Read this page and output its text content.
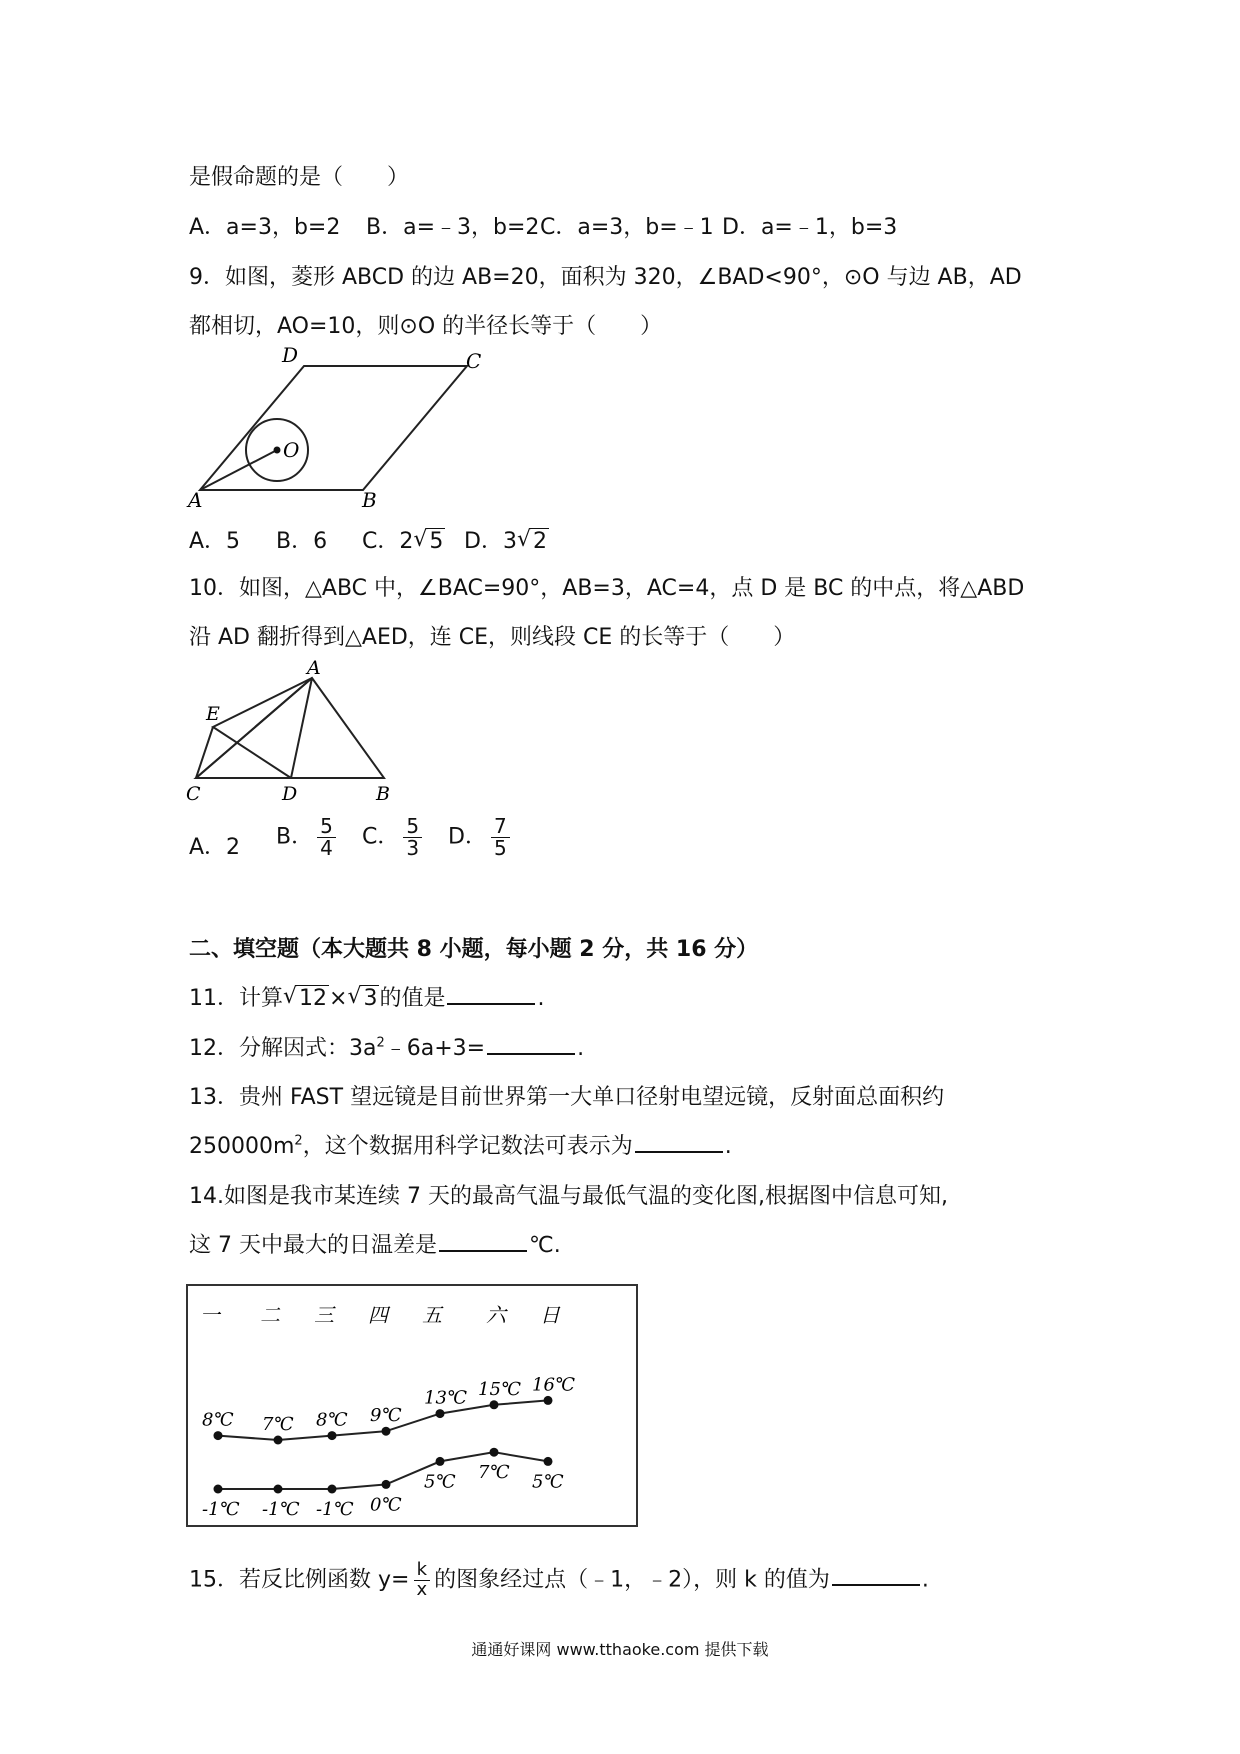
是假命题的是（　　）
A．a=3，b=2 B．a=﹣3，b=2 C．a=3，b=﹣1 D．a=﹣1，b=3
9．如图，菱形 ABCD 的边 AB=20，面积为 320，∠BAD<90°，⊙O 与边 AB，AD
都相切，AO=10，则⊙O 的半径长等于（　　）
A	B
C
D
O
A．5 B．6 C．2 √ 5 D．3 √ 2
10．如图，△ABC 中，∠BAC=90°，AB=3，AC=4，点 D 是 BC 的中点，将△ABD
沿 AD 翻折得到△AED，连 CE，则线段 CE 的长等于（　　）
A
E
C	D	B
A．2 B． $\frac{5}{4}$ C． $\frac{5}{3}$ D． $\frac{7}{5}$
二、填空题（本大题共 8 小题，每小题 2 分，共 16 分）
11．计算 √ 12× √ 3的值是	.
12．分解因式：$3a^2﹣6a+3=$	.
13．贵州 FAST 望远镜是目前世界第一大单口径射电望远镜，反射面总面积约
$250000m^2$，这个数据用科学记数法可表示为	.
14.如图是我市某连续 7 天的最高气温与最低气温的变化图,根据图中信息可知,
这 7 天中最大的日温差是	℃.
一 二 三 四 五 六 日
8℃ 7℃ 8℃ 9℃
13℃ 15℃ 16℃
-1℃ -1℃ -1℃ 0℃
5℃ 7℃ 5℃
15．若反比例函数 $y= \frac{k}{x}$ 的图象经过点（﹣1，﹣2），则 k 的值为	.
通通好课网 www.tthaoke.com 提供下载
